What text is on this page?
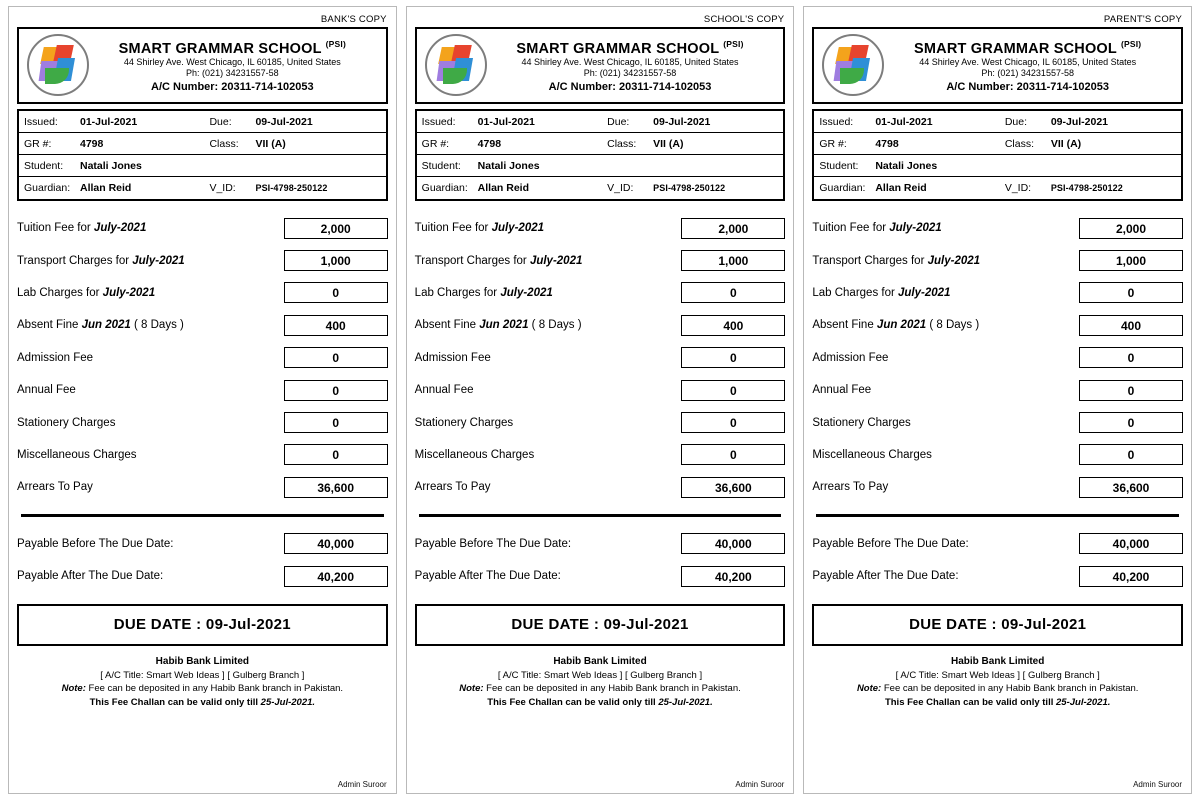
BANK'S COPY
SMART GRAMMAR SCHOOL $^{(PSI)}$
44 Shirley Ave. West Chicago, IL 60185, United States
Ph: (021) 34231557-58
A/C Number: 20311-714-102053
Issued:	01-Jul-2021	Due:	09-Jul-2021
GR #:	4798	Class:	VII (A)
Student:	Natali Jones
Guardian: Allan Reid	V_ID:	PSI-4798-250122
Tuition Fee for July-2021	2,000
Transport Charges for July-2021	1,000
Lab Charges for July-2021	0
Absent Fine Jun 2021 ( 8 Days )	400
Admission Fee	0
Annual Fee	0
Stationery Charges	0
Miscellaneous Charges	0
Arrears To Pay	36,600
Payable Before The Due Date:	40,000
Payable After The Due Date:	40,200
DUE DATE : 09-Jul-2021
Habib Bank Limited
[ A/C Title: Smart Web Ideas ] [ Gulberg Branch ]
Note: Fee can be deposited in any Habib Bank branch in Pakistan.
This Fee Challan can be valid only till 25-Jul-2021.
Admin Suroor
SCHOOL'S COPY
SMART GRAMMAR SCHOOL $^{(PSI)}$
44 Shirley Ave. West Chicago, IL 60185, United States
Ph: (021) 34231557-58
A/C Number: 20311-714-102053
Issued:	01-Jul-2021	Due:	09-Jul-2021
GR #:	4798	Class:	VII (A)
Student:	Natali Jones
Guardian: Allan Reid	V_ID:	PSI-4798-250122
Tuition Fee for July-2021	2,000
Transport Charges for July-2021	1,000
Lab Charges for July-2021	0
Absent Fine Jun 2021 ( 8 Days )	400
Admission Fee	0
Annual Fee	0
Stationery Charges	0
Miscellaneous Charges	0
Arrears To Pay	36,600
Payable Before The Due Date:	40,000
Payable After The Due Date:	40,200
DUE DATE : 09-Jul-2021
Habib Bank Limited
[ A/C Title: Smart Web Ideas ] [ Gulberg Branch ]
Note: Fee can be deposited in any Habib Bank branch in Pakistan.
This Fee Challan can be valid only till 25-Jul-2021.
Admin Suroor
PARENT'S COPY
SMART GRAMMAR SCHOOL $^{(PSI)}$
44 Shirley Ave. West Chicago, IL 60185, United States
Ph: (021) 34231557-58
A/C Number: 20311-714-102053
Issued:	01-Jul-2021	Due:	09-Jul-2021
GR #:	4798	Class:	VII (A)
Student:	Natali Jones
Guardian: Allan Reid	V_ID:	PSI-4798-250122
Tuition Fee for July-2021	2,000
Transport Charges for July-2021	1,000
Lab Charges for July-2021	0
Absent Fine Jun 2021 ( 8 Days )	400
Admission Fee	0
Annual Fee	0
Stationery Charges	0
Miscellaneous Charges	0
Arrears To Pay	36,600
Payable Before The Due Date:	40,000
Payable After The Due Date:	40,200
DUE DATE : 09-Jul-2021
Habib Bank Limited
[ A/C Title: Smart Web Ideas ] [ Gulberg Branch ]
Note: Fee can be deposited in any Habib Bank branch in Pakistan.
This Fee Challan can be valid only till 25-Jul-2021.
Admin Suroor
